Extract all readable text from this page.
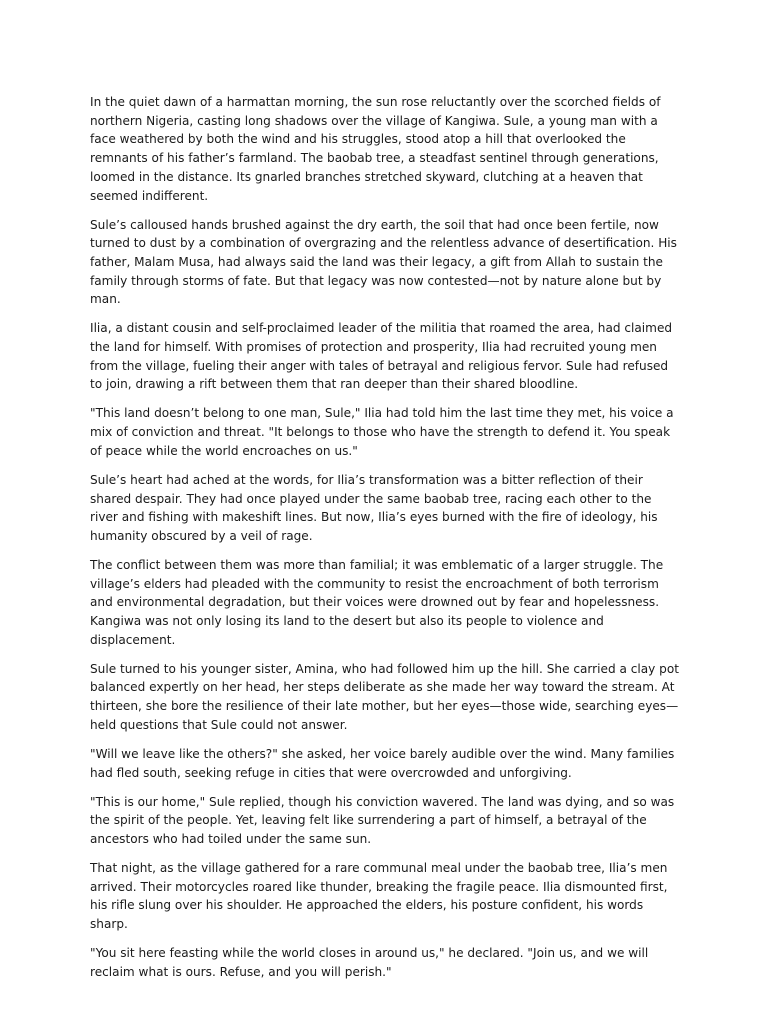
In the quiet dawn of a harmattan morning, the sun rose reluctantly over the scorched fields of northern Nigeria, casting long shadows over the village of Kangiwa. Sule, a young man with a face weathered by both the wind and his struggles, stood atop a hill that overlooked the remnants of his father’s farmland. The baobab tree, a steadfast sentinel through generations, loomed in the distance. Its gnarled branches stretched skyward, clutching at a heaven that seemed indifferent.

Sule’s calloused hands brushed against the dry earth, the soil that had once been fertile, now turned to dust by a combination of overgrazing and the relentless advance of desertification. His father, Malam Musa, had always said the land was their legacy, a gift from Allah to sustain the family through storms of fate. But that legacy was now contested—not by nature alone but by man.

Ilia, a distant cousin and self-proclaimed leader of the militia that roamed the area, had claimed the land for himself. With promises of protection and prosperity, Ilia had recruited young men from the village, fueling their anger with tales of betrayal and religious fervor. Sule had refused to join, drawing a rift between them that ran deeper than their shared bloodline.

"This land doesn’t belong to one man, Sule," Ilia had told him the last time they met, his voice a mix of conviction and threat. "It belongs to those who have the strength to defend it. You speak of peace while the world encroaches on us."

Sule’s heart had ached at the words, for Ilia’s transformation was a bitter reflection of their shared despair. They had once played under the same baobab tree, racing each other to the river and fishing with makeshift lines. But now, Ilia’s eyes burned with the fire of ideology, his humanity obscured by a veil of rage.

The conflict between them was more than familial; it was emblematic of a larger struggle. The village’s elders had pleaded with the community to resist the encroachment of both terrorism and environmental degradation, but their voices were drowned out by fear and hopelessness. Kangiwa was not only losing its land to the desert but also its people to violence and displacement.

Sule turned to his younger sister, Amina, who had followed him up the hill. She carried a clay pot balanced expertly on her head, her steps deliberate as she made her way toward the stream. At thirteen, she bore the resilience of their late mother, but her eyes—those wide, searching eyes—held questions that Sule could not answer.

"Will we leave like the others?" she asked, her voice barely audible over the wind. Many families had fled south, seeking refuge in cities that were overcrowded and unforgiving.

"This is our home," Sule replied, though his conviction wavered. The land was dying, and so was the spirit of the people. Yet, leaving felt like surrendering a part of himself, a betrayal of the ancestors who had toiled under the same sun.

That night, as the village gathered for a rare communal meal under the baobab tree, Ilia’s men arrived. Their motorcycles roared like thunder, breaking the fragile peace. Ilia dismounted first, his rifle slung over his shoulder. He approached the elders, his posture confident, his words sharp.

"You sit here feasting while the world closes in around us," he declared. "Join us, and we will reclaim what is ours. Refuse, and you will perish."
